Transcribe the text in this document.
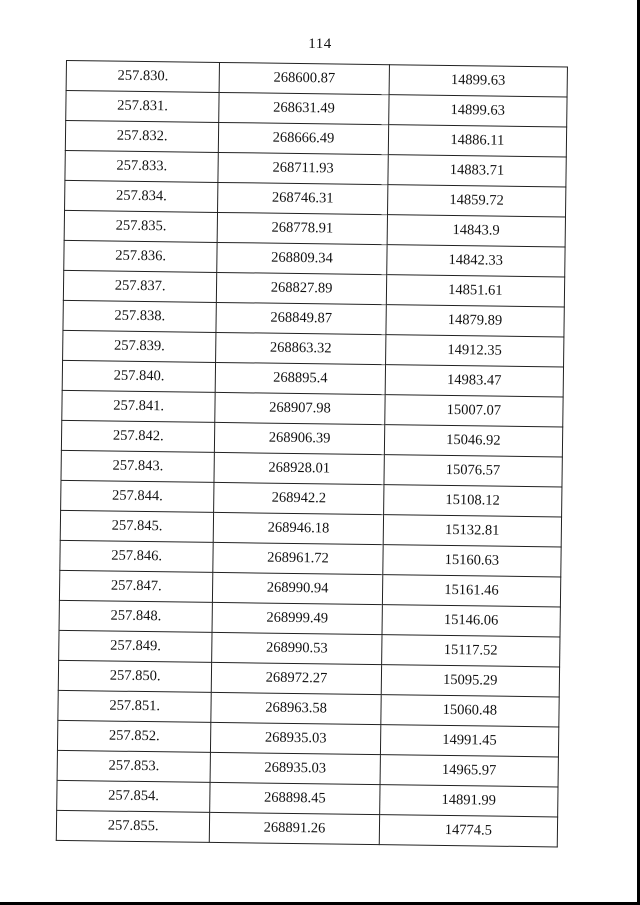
114
257.830.	268600.87	14899.63
257.831.	268631.49	14899.63
257.832.	268666.49	14886.11
257.833.	268711.93	14883.71
257.834.	268746.31	14859.72
257.835.	268778.91	14843.9
257.836.	268809.34	14842.33
257.837.	268827.89	14851.61
257.838.	268849.87	14879.89
257.839.	268863.32	14912.35
257.840.	268895.4	14983.47
257.841.	268907.98	15007.07
257.842.	268906.39	15046.92
257.843.	268928.01	15076.57
257.844.	268942.2	15108.12
257.845.	268946.18	15132.81
257.846.	268961.72	15160.63
257.847.	268990.94	15161.46
257.848.	268999.49	15146.06
257.849.	268990.53	15117.52
257.850.	268972.27	15095.29
257.851.	268963.58	15060.48
257.852.	268935.03	14991.45
257.853.	268935.03	14965.97
257.854.	268898.45	14891.99
257.855.	268891.26	14774.5
